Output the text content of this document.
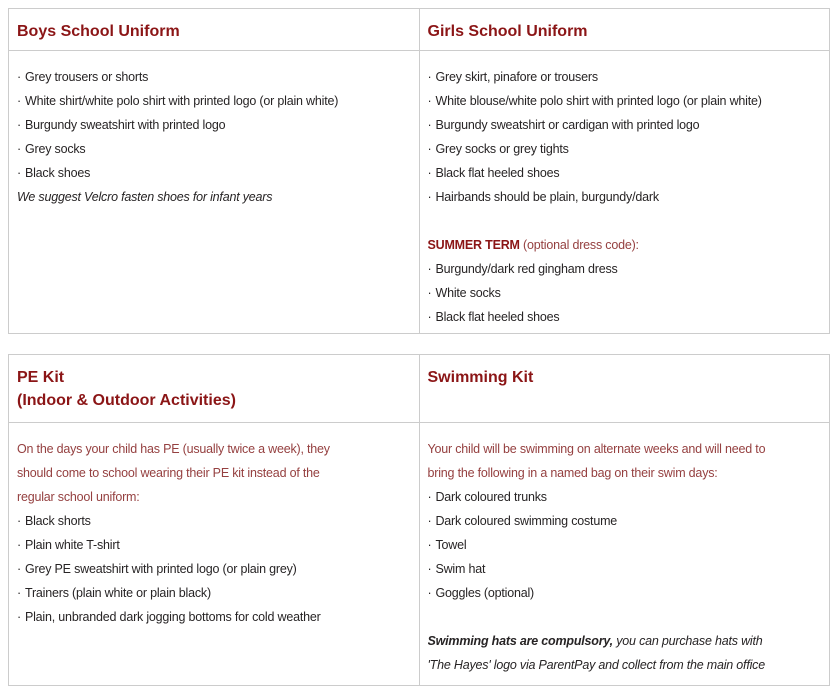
Boys School Uniform	Girls School Uniform

· Grey trousers or shorts
· White shirt/white polo shirt with printed logo (or plain white)
· Burgundy sweatshirt with printed logo
· Grey socks
· Black shoes
We suggest Velcro fasten shoes for infant years

· Grey skirt, pinafore or trousers
· White blouse/white polo shirt with printed logo (or plain white)
· Burgundy sweatshirt or cardigan with printed logo
· Grey socks or grey tights
· Black flat heeled shoes
· Hairbands should be plain, burgundy/dark
SUMMER TERM (optional dress code):
· Burgundy/dark red gingham dress
· White socks
· Black flat heeled shoes
PE Kit
(Indoor & Outdoor Activities)	Swimming Kit

On the days your child has PE (usually twice a week), they
should come to school wearing their PE kit instead of the
regular school uniform:
· Black shorts
· Plain white T-shirt
· Grey PE sweatshirt with printed logo (or plain grey)
· Trainers (plain white or plain black)
· Plain, unbranded dark jogging bottoms for cold weather

Your child will be swimming on alternate weeks and will need to
bring the following in a named bag on their swim days:
· Dark coloured trunks
· Dark coloured swimming costume
· Towel
· Swim hat
· Goggles (optional)
Swimming hats are compulsory, you can purchase hats with
'The Hayes' logo via ParentPay and collect from the main office
